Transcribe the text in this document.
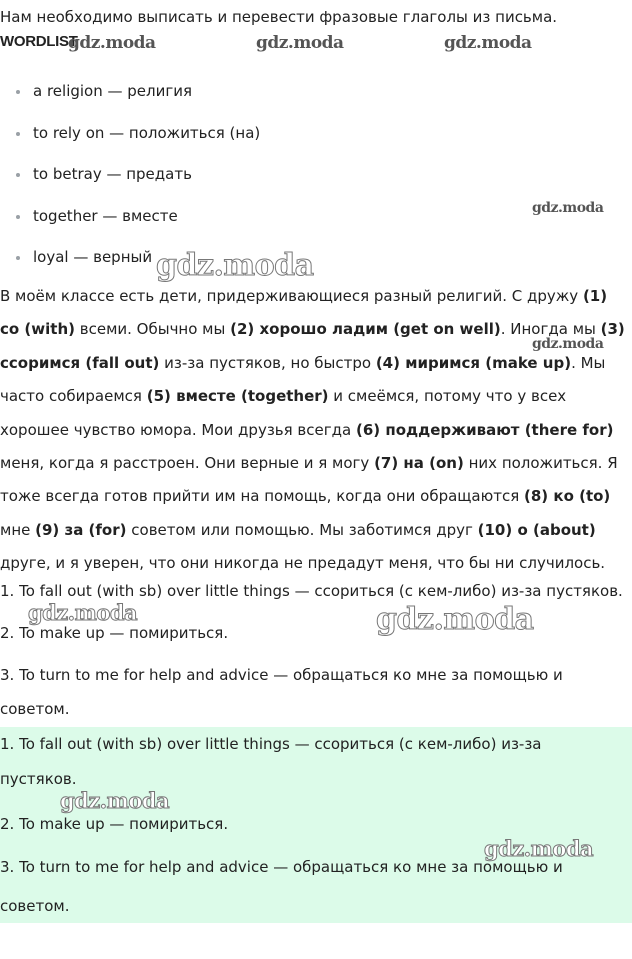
Нам необходимо выписать и перевести фразовые глаголы из письма.
WORDLIST
a religion — религия
to rely on — положиться (на)
to betray — предать
together — вместе
loyal — верный
В моём классе есть дети, придерживающиеся разный религий. С дружу (1) со (with) всеми. Обычно мы (2) хорошо ладим (get on well). Иногда мы (3) ссоримся (fall out) из-за пустяков, но быстро (4) миримся (make up). Мы часто собираемся (5) вместе (together) и смеёмся, потому что у всех хорошее чувство юмора. Мои друзья всегда (6) поддерживают (there for) меня, когда я расстроен. Они верные и я могу (7) на (on) них положиться. Я тоже всегда готов прийти им на помощь, когда они обращаются (8) ко (to) мне (9) за (for) советом или помощью. Мы заботимся друг (10) о (about) друге, и я уверен, что они никогда не предадут меня, что бы ни случилось.
1. To fall out (with sb) over little things — ссориться (с кем-либо) из-за пустяков.
2. To make up — помириться.
3. To turn to me for help and advice — обращаться ко мне за помощью и
советом.
1. To fall out (with sb) over little things — ссориться (с кем-либо) из-за
пустяков.
2. To make up — помириться.
3. To turn to me for help and advice — обращаться ко мне за помощью и
советом.
gdz.moda	gdz.moda	gdz.moda
gdz.moda
gdz.moda
gdz.moda
gdz.moda	gdz.moda
gdz.moda
gdz.moda
